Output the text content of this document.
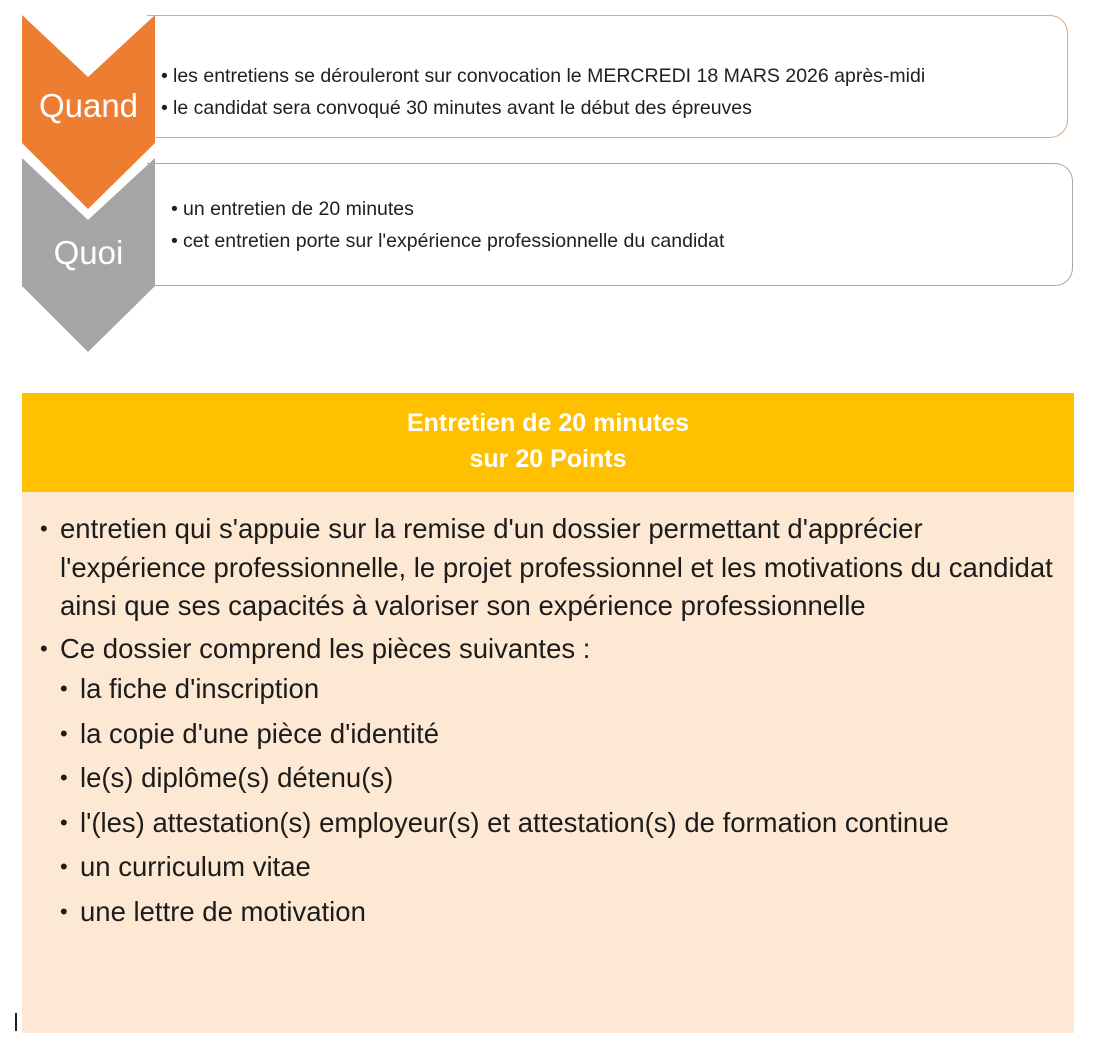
• les entretiens se dérouleront sur convocation le MERCREDI 18 MARS 2026 après-midi
• le candidat sera convoqué 30 minutes avant le début des épreuves
• un entretien de 20 minutes
• cet entretien porte sur l'expérience professionnelle du candidat
Quoi
Quand
Entretien de 20 minutes
sur 20 Points
• entretien qui s'appuie sur la remise d'un dossier permettant d'apprécier l'expérience professionnelle, le projet professionnel et les motivations du candidat ainsi que ses capacités à valoriser son expérience professionnelle
• Ce dossier comprend les pièces suivantes :
• la fiche d'inscription
• la copie d'une pièce d'identité
• le(s) diplôme(s) détenu(s)
• l'(les) attestation(s) employeur(s) et attestation(s) de formation continue
• un curriculum vitae
• une lettre de motivation
